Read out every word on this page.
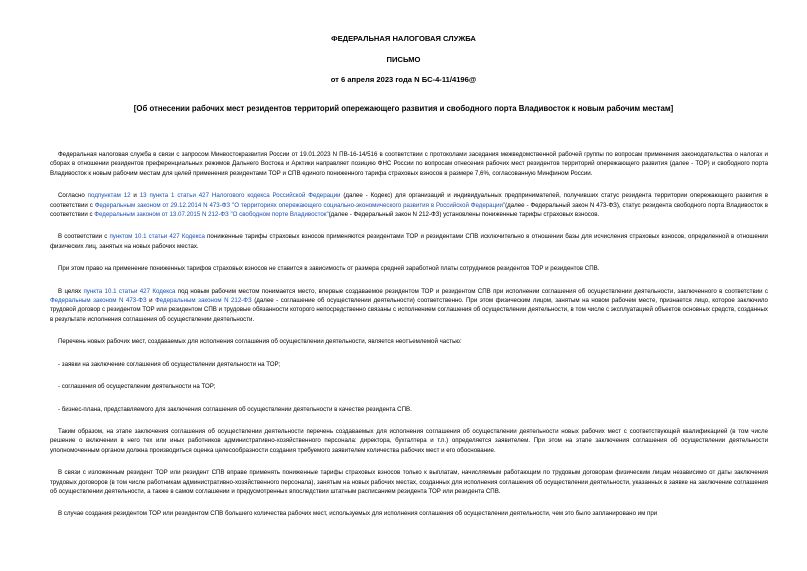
ФЕДЕРАЛЬНАЯ НАЛОГОВАЯ СЛУЖБА
ПИСЬМО
от 6 апреля 2023 года N БС-4-11/4196@
[Об отнесении рабочих мест резидентов территорий опережающего развития и свободного порта Владивосток к новым рабочим местам]

Федеральная налоговая служба в связи с запросом Минвостокразвития России от 19.01.2023 N ПВ-16-14/516 в соответствии с протоколами заседания межведомственной рабочей группы по вопросам применения законодательства о налогах и сборах в отношении резидентов преференциальных режимов Дальнего Востока и Арктики направляет позицию ФНС России по вопросам отнесения рабочих мест резидентов территорий опережающего развития (далее - ТОР) и свободного порта Владивосток к новым рабочим местам для целей применения резидентами ТОР и СПВ единого пониженного тарифа страховых взносов в размере 7,6%, согласованную Минфином России.

Согласно подпунктам 12 и 13 пункта 1 статьи 427 Налогового кодекса Российской Федерации (далее - Кодекс) для организаций и индивидуальных предпринимателей, получивших статус резидента территории опережающего развития в соответствии с Федеральным законом от 29.12.2014 N 473-ФЗ "О территориях опережающего социально-экономического развития в Российской Федерации"(далее - Федеральный закон N 473-ФЗ), статус резидента свободного порта Владивосток в соответствии с Федеральным законом от 13.07.2015 N 212-ФЗ "О свободном порте Владивосток"(далее - Федеральный закон N 212-ФЗ) установлены пониженные тарифы страховых взносов.

В соответствии с пунктом 10.1 статьи 427 Кодекса пониженные тарифы страховых взносов применяются резидентами ТОР и резидентами СПВ исключительно в отношении базы для исчисления страховых взносов, определенной в отношении физических лиц, занятых на новых рабочих местах.

При этом право на применение пониженных тарифов страховых взносов не ставится в зависимость от размера средней заработной платы сотрудников резидентов ТОР и резидентов СПВ.

В целях пункта 10.1 статьи 427 Кодекса под новым рабочим местом понимается место, впервые создаваемое резидентом ТОР и резидентом СПВ при исполнении соглашения об осуществлении деятельности, заключенного в соответствии с Федеральным законом N 473-ФЗ и Федеральным законом N 212-ФЗ (далее - соглашение об осуществлении деятельности) соответственно. При этом физическим лицом, занятым на новом рабочем месте, признается лицо, которое заключило трудовой договор с резидентом ТОР или резидентом СПВ и трудовые обязанности которого непосредственно связаны с исполнением соглашения об осуществлении деятельности, в том числе с эксплуатацией объектов основных средств, созданных в результате исполнения соглашения об осуществлении деятельности.

Перечень новых рабочих мест, создаваемых для исполнения соглашения об осуществлении деятельности, является неотъемлемой частью:

- заявки на заключение соглашения об осуществлении деятельности на ТОР;

- соглашения об осуществлении деятельности на ТОР;

- бизнес-плана, представляемого для заключения соглашения об осуществлении деятельности в качестве резидента СПВ.

Таким образом, на этапе заключения соглашения об осуществлении деятельности перечень создаваемых для исполнения соглашения об осуществлении деятельности новых рабочих мест с соответствующей квалификацией (в том числе решение о включении в него тех или иных работников административно-хозяйственного персонала: директора, бухгалтера и т.п.) определяется заявителем. При этом на этапе заключения соглашения об осуществлении деятельности уполномоченным органом должна производиться оценка целесообразности создания требуемого заявителем количества рабочих мест и его обоснование.

В связи с изложенным резидент ТОР или резидент СПВ вправе применять пониженные тарифы страховых взносов только к выплатам, начисляемым работающим по трудовым договорам физическим лицам независимо от даты заключения трудовых договоров (в том числе работникам административно-хозяйственного персонала), занятым на новых рабочих местах, созданных для исполнения соглашения об осуществлении деятельности, указанных в заявке на заключение соглашения об осуществлении деятельности, а также в самом соглашении и предусмотренных впоследствии штатным расписанием резидента ТОР или резидента СПВ.

В случае создания резидентом ТОР или резидентом СПВ большего количества рабочих мест, используемых для исполнения соглашения об осуществлении деятельности, чем это было запланировано им при
